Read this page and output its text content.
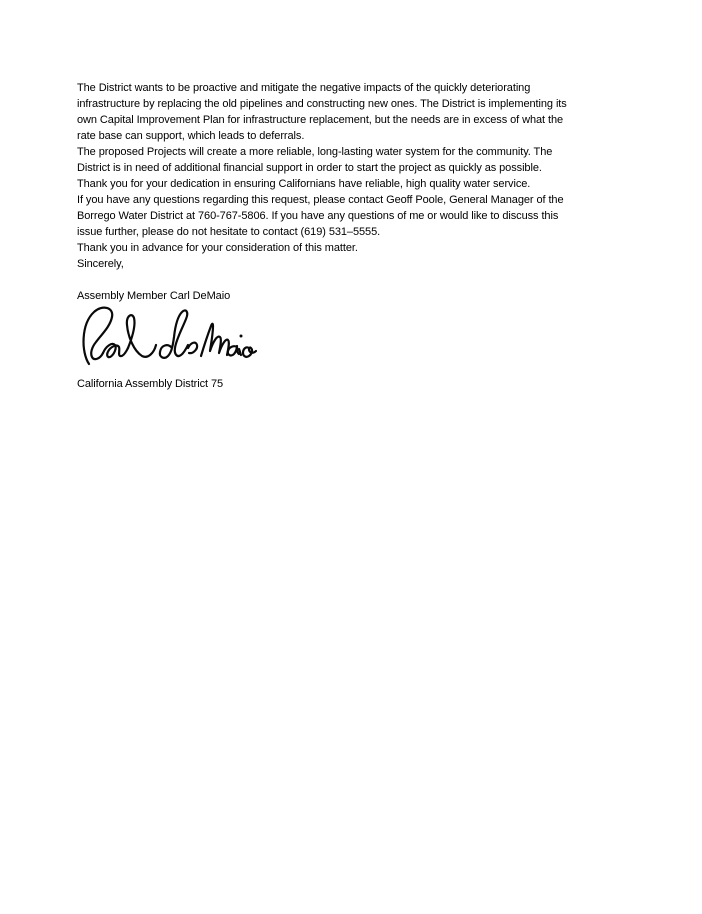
The District wants to be proactive and mitigate the negative impacts of the quickly deteriorating
infrastructure by replacing the old pipelines and constructing new ones. The District is implementing its
own Capital Improvement Plan for infrastructure replacement, but the needs are in excess of what the
rate base can support, which leads to deferrals.
The proposed Projects will create a more reliable, long-lasting water system for the community. The
District is in need of additional financial support in order to start the project as quickly as possible.
Thank you for your dedication in ensuring Californians have reliable, high quality water service.
If you have any questions regarding this request, please contact Geoff Poole, General Manager of the
Borrego Water District at 760-767-5806. If you have any questions of me or would like to discuss this
issue further, please do not hesitate to contact (619) 531–5555.
Thank you in advance for your consideration of this matter.
Sincerely,
Assembly Member Carl DeMaio
California Assembly District 75
